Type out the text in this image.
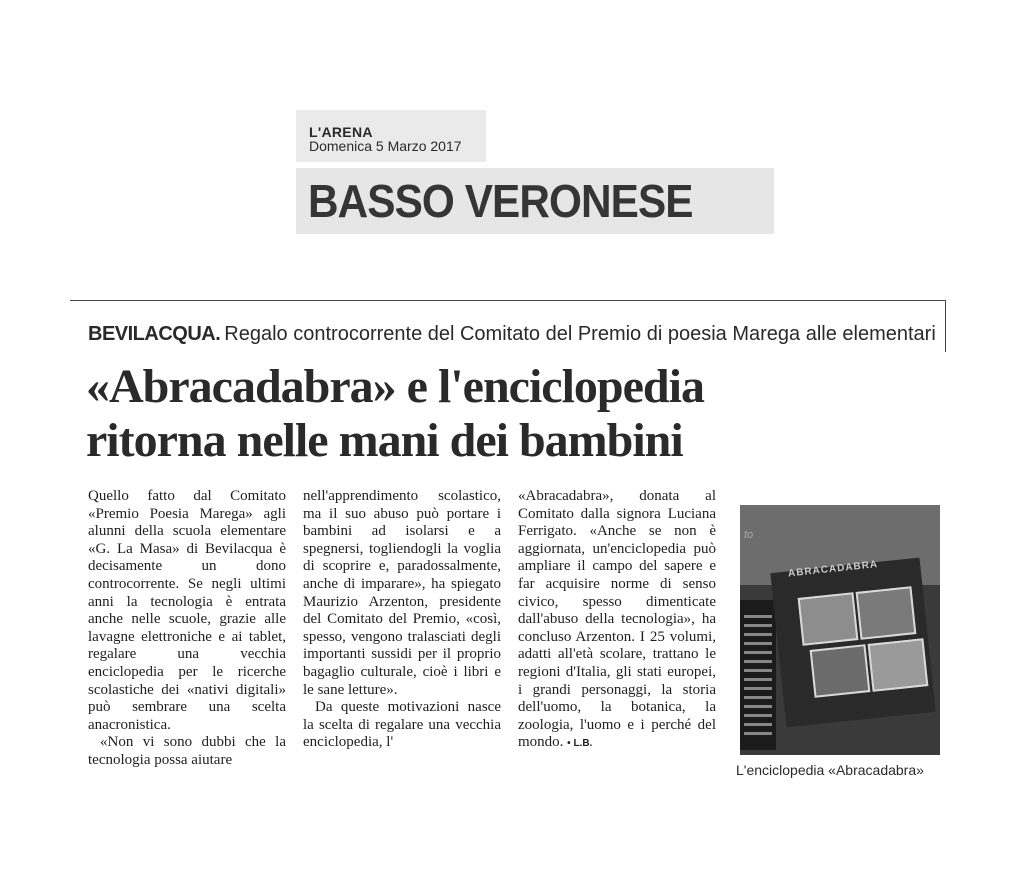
L'ARENA
Domenica 5 Marzo 2017
BASSO VERONESE
BEVILACQUA. Regalo controcorrente del Comitato del Premio di poesia Marega alle elementari
«Abracadabra» e l'enciclopedia
ritorna nelle mani dei bambini

Quello fatto dal Comitato «Premio Poesia Marega» agli alunni della scuola elementare «G. La Masa» di Bevilacqua è decisamente un dono controcorrente. Se negli ultimi anni la tecnologia è entrata anche nelle scuole, grazie alle lavagne elettroniche e ai tablet, regalare una vecchia enciclopedia per le ricerche scolastiche dei «nativi digitali» può sembrare una scelta anacronistica.

«Non vi sono dubbi che la tecnologia possa aiutare

nell'apprendimento scolastico, ma il suo abuso può portare i bambini ad isolarsi e a spegnersi, togliendogli la voglia di scoprire e, paradossalmente, anche di imparare», ha spiegato Maurizio Arzenton, presidente del Comitato del Premio, «così, spesso, vengono tralasciati degli importanti sussidi per il proprio bagaglio culturale, cioè i libri e le sane letture».

Da queste motivazioni nasce la scelta di regalare una vecchia enciclopedia, l'

«Abracadabra», donata al Comitato dalla signora Luciana Ferrigato. «Anche se non è aggiornata, un'enciclopedia può ampliare il campo del sapere e far acquisire norme di senso civico, spesso dimenticate dall'abuso della tecnologia», ha concluso Arzenton. I 25 volumi, adatti all'età scolare, trattano le regioni d'Italia, gli stati europei, i grandi personaggi, la storia dell'uomo, la botanica, la zoologia, l'uomo e i perché del mondo. • L.B.

to
ABRACADABRA
L'enciclopedia «Abracadabra»
